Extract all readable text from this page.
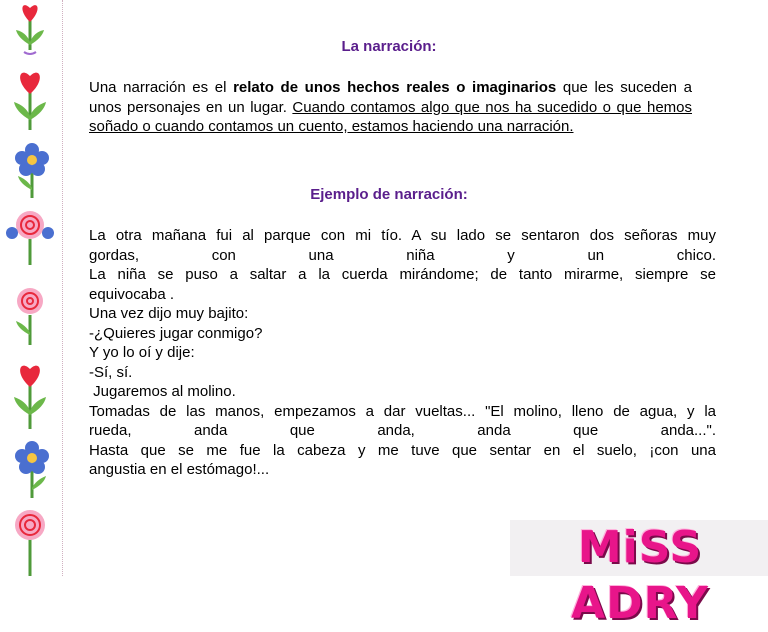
La narración:
Una narración es el relato de unos hechos reales o imaginarios que les suceden a unos personajes en un lugar. Cuando contamos algo que nos ha sucedido o que hemos soñado o cuando contamos un cuento, estamos haciendo una narración.
Ejemplo de narración:
La otra mañana fui al parque con mi tío. A su lado se sentaron dos señoras muy
gordas, con una niña y un chico.
La niña se puso a saltar a la cuerda mirándome; de tanto mirarme, siempre se
equivocaba .
Una vez dijo muy bajito:
-¿Quieres jugar conmigo?
Y yo lo oí y dije:
-Sí, sí.
Jugaremos al molino.
Tomadas de las manos, empezamos a dar vueltas... "El molino, lleno de agua, y la
rueda, anda que anda, anda que anda...".
Hasta que se me fue la cabeza y me tuve que sentar en el suelo, ¡con una
angustia en el estómago!...
MiSS ADRY
